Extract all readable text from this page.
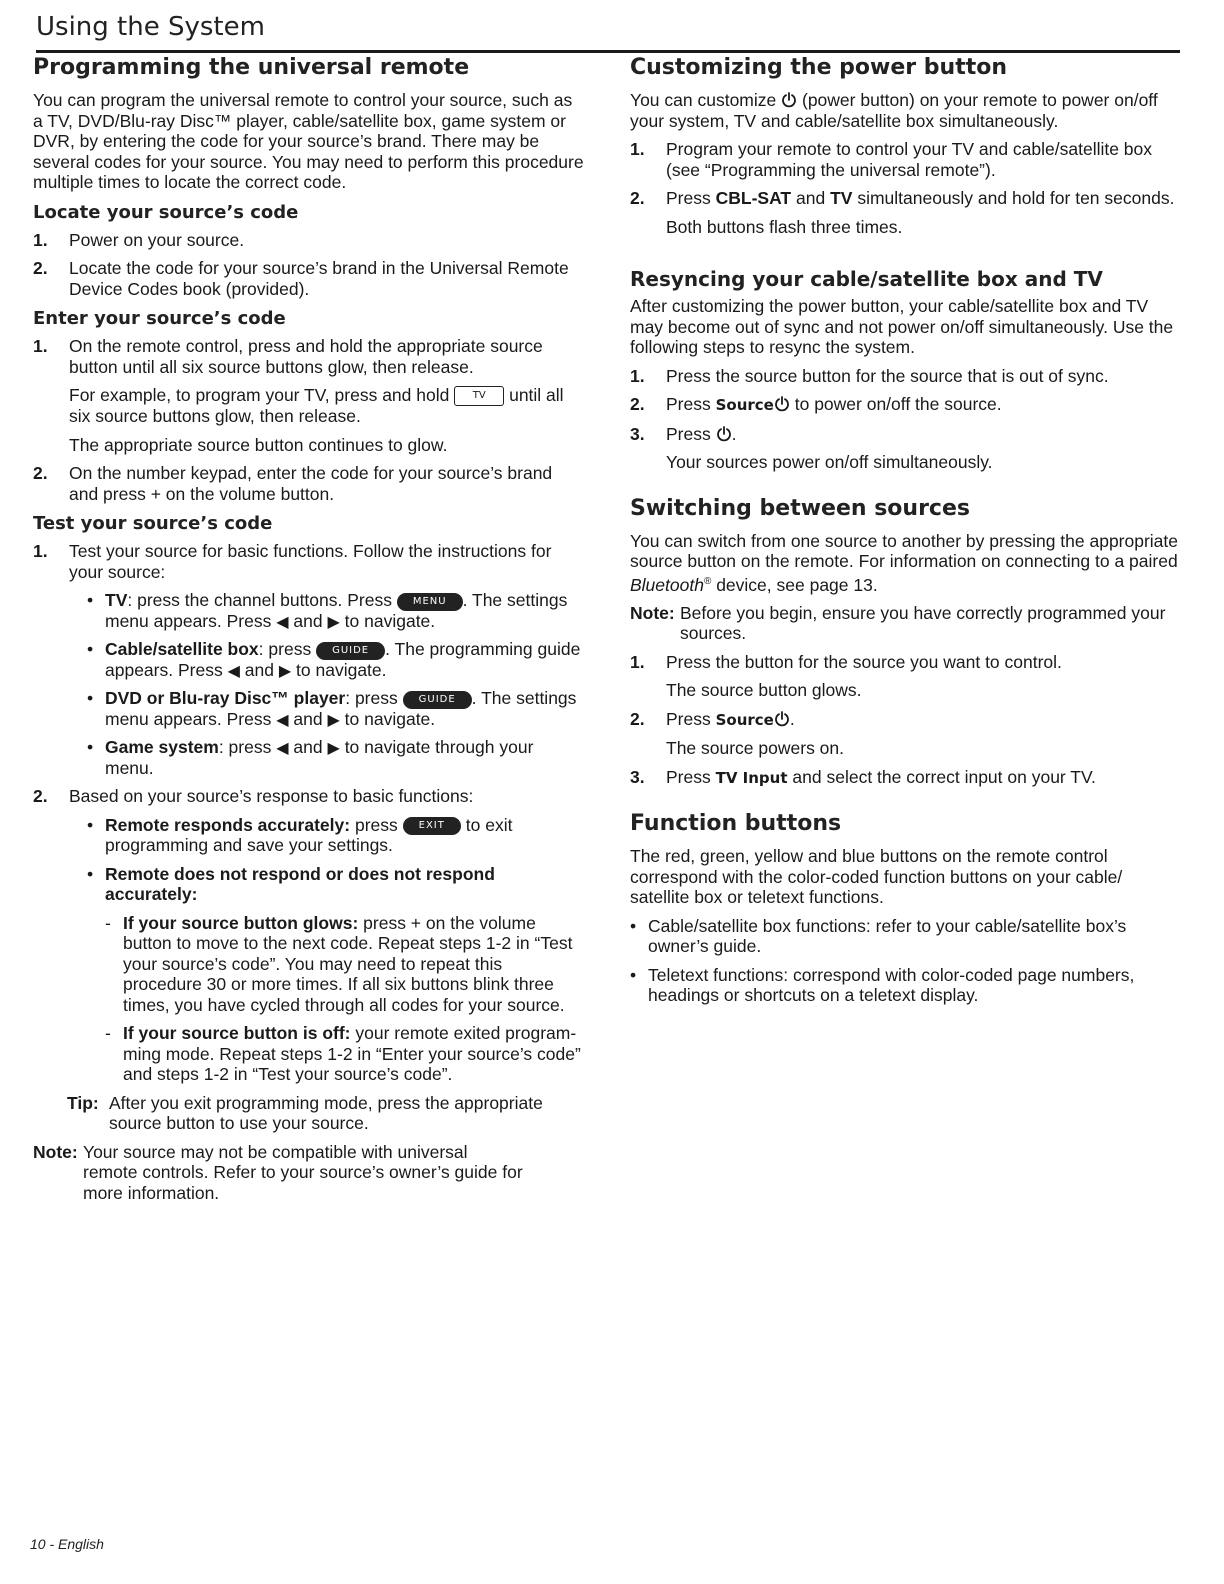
Using the System
Programming the universal remote

You can program the universal remote to control your source, such as a TV, DVD/Blu-ray Disc™ player, cable/satellite box, game system or DVR, by entering the code for your source’s brand. There may be several codes for your source. You may need to perform this procedure multiple times to locate the correct code.

Locate your source’s code
1. Power on your source.
2. Locate the code for your source’s brand in the Universal Remote Device Codes book (provided).
Enter your source’s code
1. On the remote control, press and hold the appropriate source button until all six source buttons glow, then release.
For example, to program your TV, press and hold TV until all six source buttons glow, then release.
The appropriate source button continues to glow.
2. On the number keypad, enter the code for your source’s brand and press + on the volume button.
Test your source’s code
1. Test your source for basic functions. Follow the instructions for your source:
• TV: press the channel buttons. Press MENU . The settings menu appears. Press ◀ and ▶ to navigate.
• Cable/satellite box: press GUIDE . The programming guide appears. Press ◀ and ▶ to navigate.
• DVD or Blu-ray Disc™ player: press GUIDE . The settings menu appears. Press ◀ and ▶ to navigate.
• Game system: press ◀ and ▶ to navigate through your menu.
2. Based on your source’s response to basic functions:
• Remote responds accurately: press EXIT to exit programming and save your settings.
• Remote does not respond or does not respond accurately:
- If your source button glows: press + on the volume button to move to the next code. Repeat steps 1-2 in “Test your source’s code”. You may need to repeat this procedure 30 or more times. If all six buttons blink three times, you have cycled through all codes for your source.
- If your source button is off: your remote exited programming mode. Repeat steps 1-2 in “Enter your source’s code” and steps 1-2 in “Test your source’s code”.
Tip: After you exit programming mode, press the appropriate source button to use your source.
Note: Your source may not be compatible with universal remote controls. Refer to your source’s owner’s guide for more information.
Customizing the power button

You can customize (power button) on your remote to power on/off your system, TV and cable/satellite box simultaneously.

1. Program your remote to control your TV and cable/satellite box (see “Programming the universal remote”).
2. Press CBL-SAT and TV simultaneously and hold for ten seconds.
Both buttons flash three times.
Resyncing your cable/satellite box and TV

After customizing the power button, your cable/satellite box and TV may become out of sync and not power on/off simultaneously. Use the following steps to resync the system.

1. Press the source button for the source that is out of sync.
2. Press Source to power on/off the source.
3. Press .
Your sources power on/off simultaneously.
Switching between sources

You can switch from one source to another by pressing the appropriate source button on the remote. For information on connecting to a paired Bluetooth® device, see page 13.

Note: Before you begin, ensure you have correctly programmed your sources.
1. Press the button for the source you want to control.
The source button glows.
2. Press Source .
The source powers on.
3. Press TV Input and select the correct input on your TV.
Function buttons

The red, green, yellow and blue buttons on the remote control correspond with the color-coded function buttons on your cable/ satellite box or teletext functions.

• Cable/satellite box functions: refer to your cable/satellite box’s owner’s guide.
• Teletext functions: correspond with color-coded page numbers, headings or shortcuts on a teletext display.
10 - English
